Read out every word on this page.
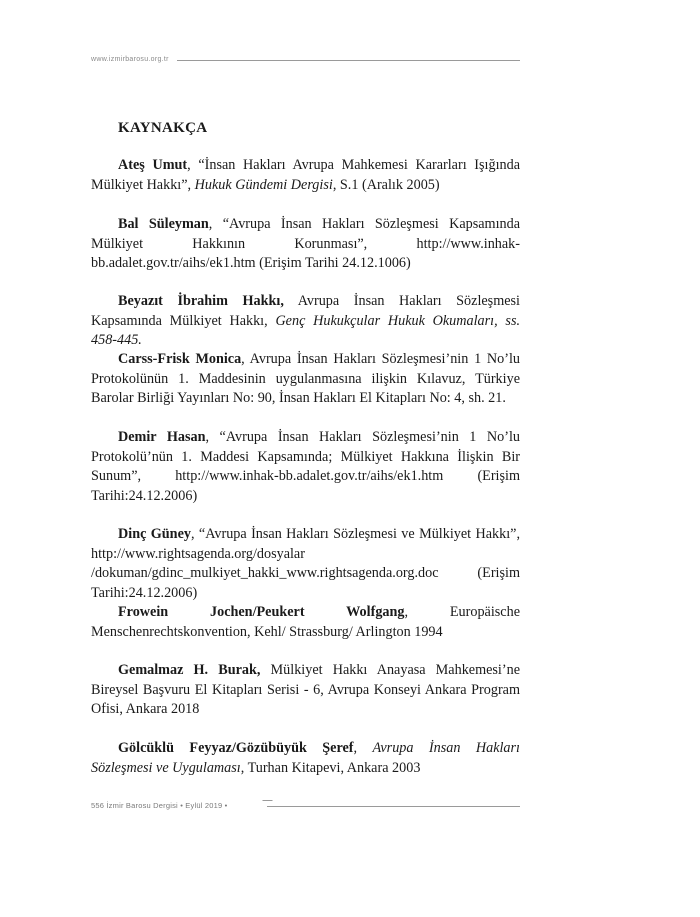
www.izmirbarosu.org.tr
KAYNAKÇA

Ateş Umut, “İnsan Hakları Avrupa Mahkemesi Kararları Işığında Mülkiyet Hakkı”, Hukuk Gündemi Dergisi, S.1 (Aralık 2005)

Bal Süleyman, “Avrupa İnsan Hakları Sözleşmesi Kapsamında Mülkiyet Hakkının Korunması”, http://www.inhak- bb.adalet.gov.tr/aihs/ek1.htm (Erişim Tarihi 24.12.1006)

Beyazıt İbrahim Hakkı, Avrupa İnsan Hakları Sözleşmesi Kapsamında Mülkiyet Hakkı, Genç Hukukçular Hukuk Okumaları, ss. 458-445.

Carss-Frisk Monica, Avrupa İnsan Hakları Sözleşmesi’nin 1 No’lu Protokolünün 1. Maddesinin uygulanmasına ilişkin Kılavuz, Türkiye Barolar Birliği Yayınları No: 90, İnsan Hakları El Kitapları No: 4, sh. 21.

Demir Hasan, “Avrupa İnsan Hakları Sözleşmesi’nin 1 No’lu Protokolü’nün 1. Maddesi Kapsamında; Mülkiyet Hakkına İlişkin Bir Sunum”, http://www.inhak-bb.adalet.gov.tr/aihs/ek1.htm (Erişim Tarihi:24.12.2006)

Dinç Güney, “Avrupa İnsan Hakları Sözleşmesi ve Mülkiyet Hakkı”, http://www.rightsagenda.org/dosyalar /dokuman/gdinc_mulkiyet_hakki_www.rightsagenda.org.doc (Erişim Tarihi:24.12.2006)

Frowein Jochen/Peukert Wolfgang, Europäische Menschenrechtskonvention, Kehl/ Strassburg/ Arlington 1994

Gemalmaz H. Burak, Mülkiyet Hakkı Anayasa Mahkemesi’ne Bireysel Başvuru El Kitapları Serisi - 6, Avrupa Konseyi Ankara Program Ofisi, Ankara 2018

Gölcüklü Feyyaz/Gözübüyük Şeref, Avrupa İnsan Hakları Sözleşmesi ve Uygulaması, Turhan Kitapevi, Ankara 2003

556 İzmir Barosu Dergisi • Eylül 2019 •
